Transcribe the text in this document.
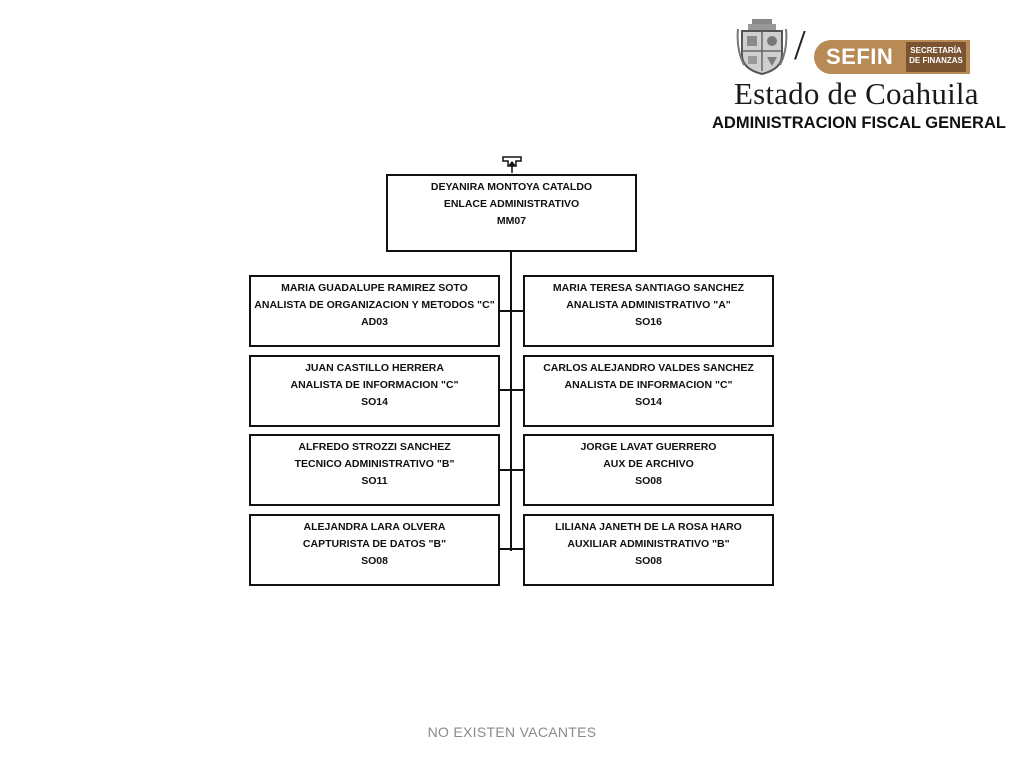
/ SEFIN	SECRETARÍA
DE FINANZAS
Estado de Coahuila
ADMINISTRACION FISCAL GENERAL
DEYANIRA MONTOYA CATALDO
ENLACE ADMINISTRATIVO
MM07
MARIA GUADALUPE RAMIREZ SOTO
ANALISTA DE ORGANIZACION Y METODOS "C"
AD03
MARIA TERESA SANTIAGO SANCHEZ
ANALISTA ADMINISTRATIVO "A"
SO16
JUAN CASTILLO HERRERA
ANALISTA DE INFORMACION "C"
SO14
CARLOS ALEJANDRO VALDES SANCHEZ
ANALISTA DE INFORMACION "C"
SO14
ALFREDO STROZZI SANCHEZ
TECNICO ADMINISTRATIVO "B"
SO11
JORGE LAVAT GUERRERO
AUX DE ARCHIVO
SO08
ALEJANDRA LARA OLVERA
CAPTURISTA DE DATOS "B"
SO08
LILIANA JANETH DE LA ROSA HARO
AUXILIAR ADMINISTRATIVO "B"
SO08
NO EXISTEN VACANTES
